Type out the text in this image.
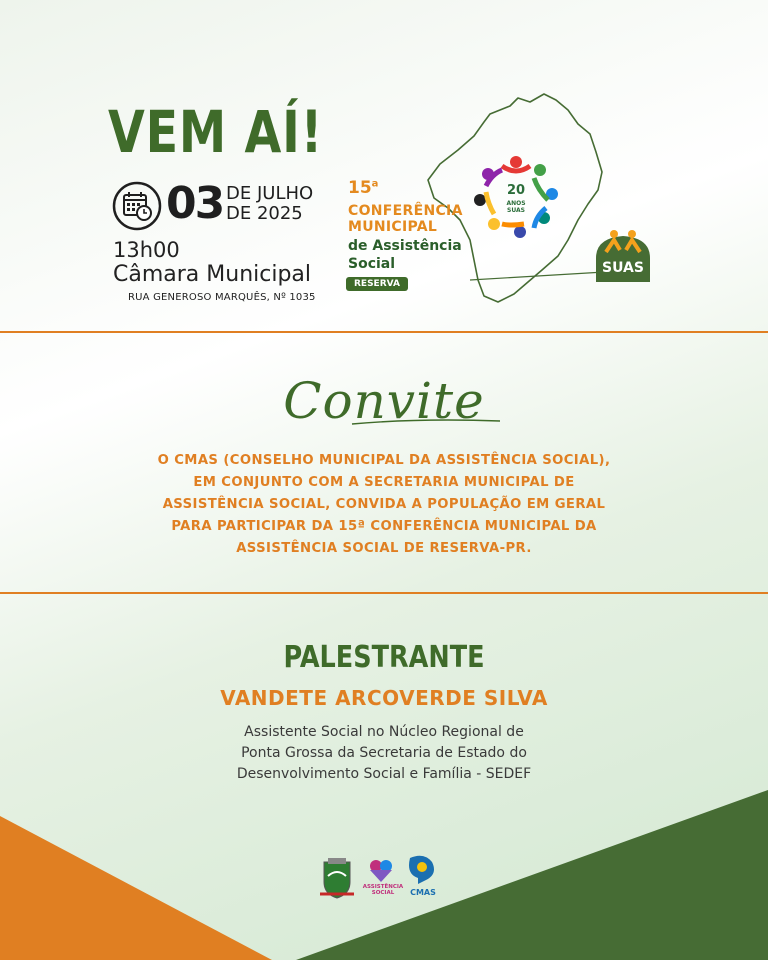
VEM AÍ!
03 DE JULHO
DE 2025
13h00
Câmara Municipal
RUA GENEROSO MARQUÊS, Nº 1035
15$^a$
CONFERÊNCIA
MUNICIPAL
de Assistência
Social
RESERVA
20
ANOS
SUAS
SUAS
Convite
O CMAS (CONSELHO MUNICIPAL DA ASSISTÊNCIA SOCIAL),
EM CONJUNTO COM A SECRETARIA MUNICIPAL DE
ASSISTÊNCIA SOCIAL, CONVIDA A POPULAÇÃO EM GERAL
PARA PARTICIPAR DA 15ª CONFERÊNCIA MUNICIPAL DA
ASSISTÊNCIA SOCIAL DE RESERVA-PR.
PALESTRANTE
VANDETE ARCOVERDE SILVA
Assistente Social no Núcleo Regional de
Ponta Grossa da Secretaria de Estado do
Desenvolvimento Social e Família - SEDEF
ASSISTÊNCIA
SOCIAL	CMAS
